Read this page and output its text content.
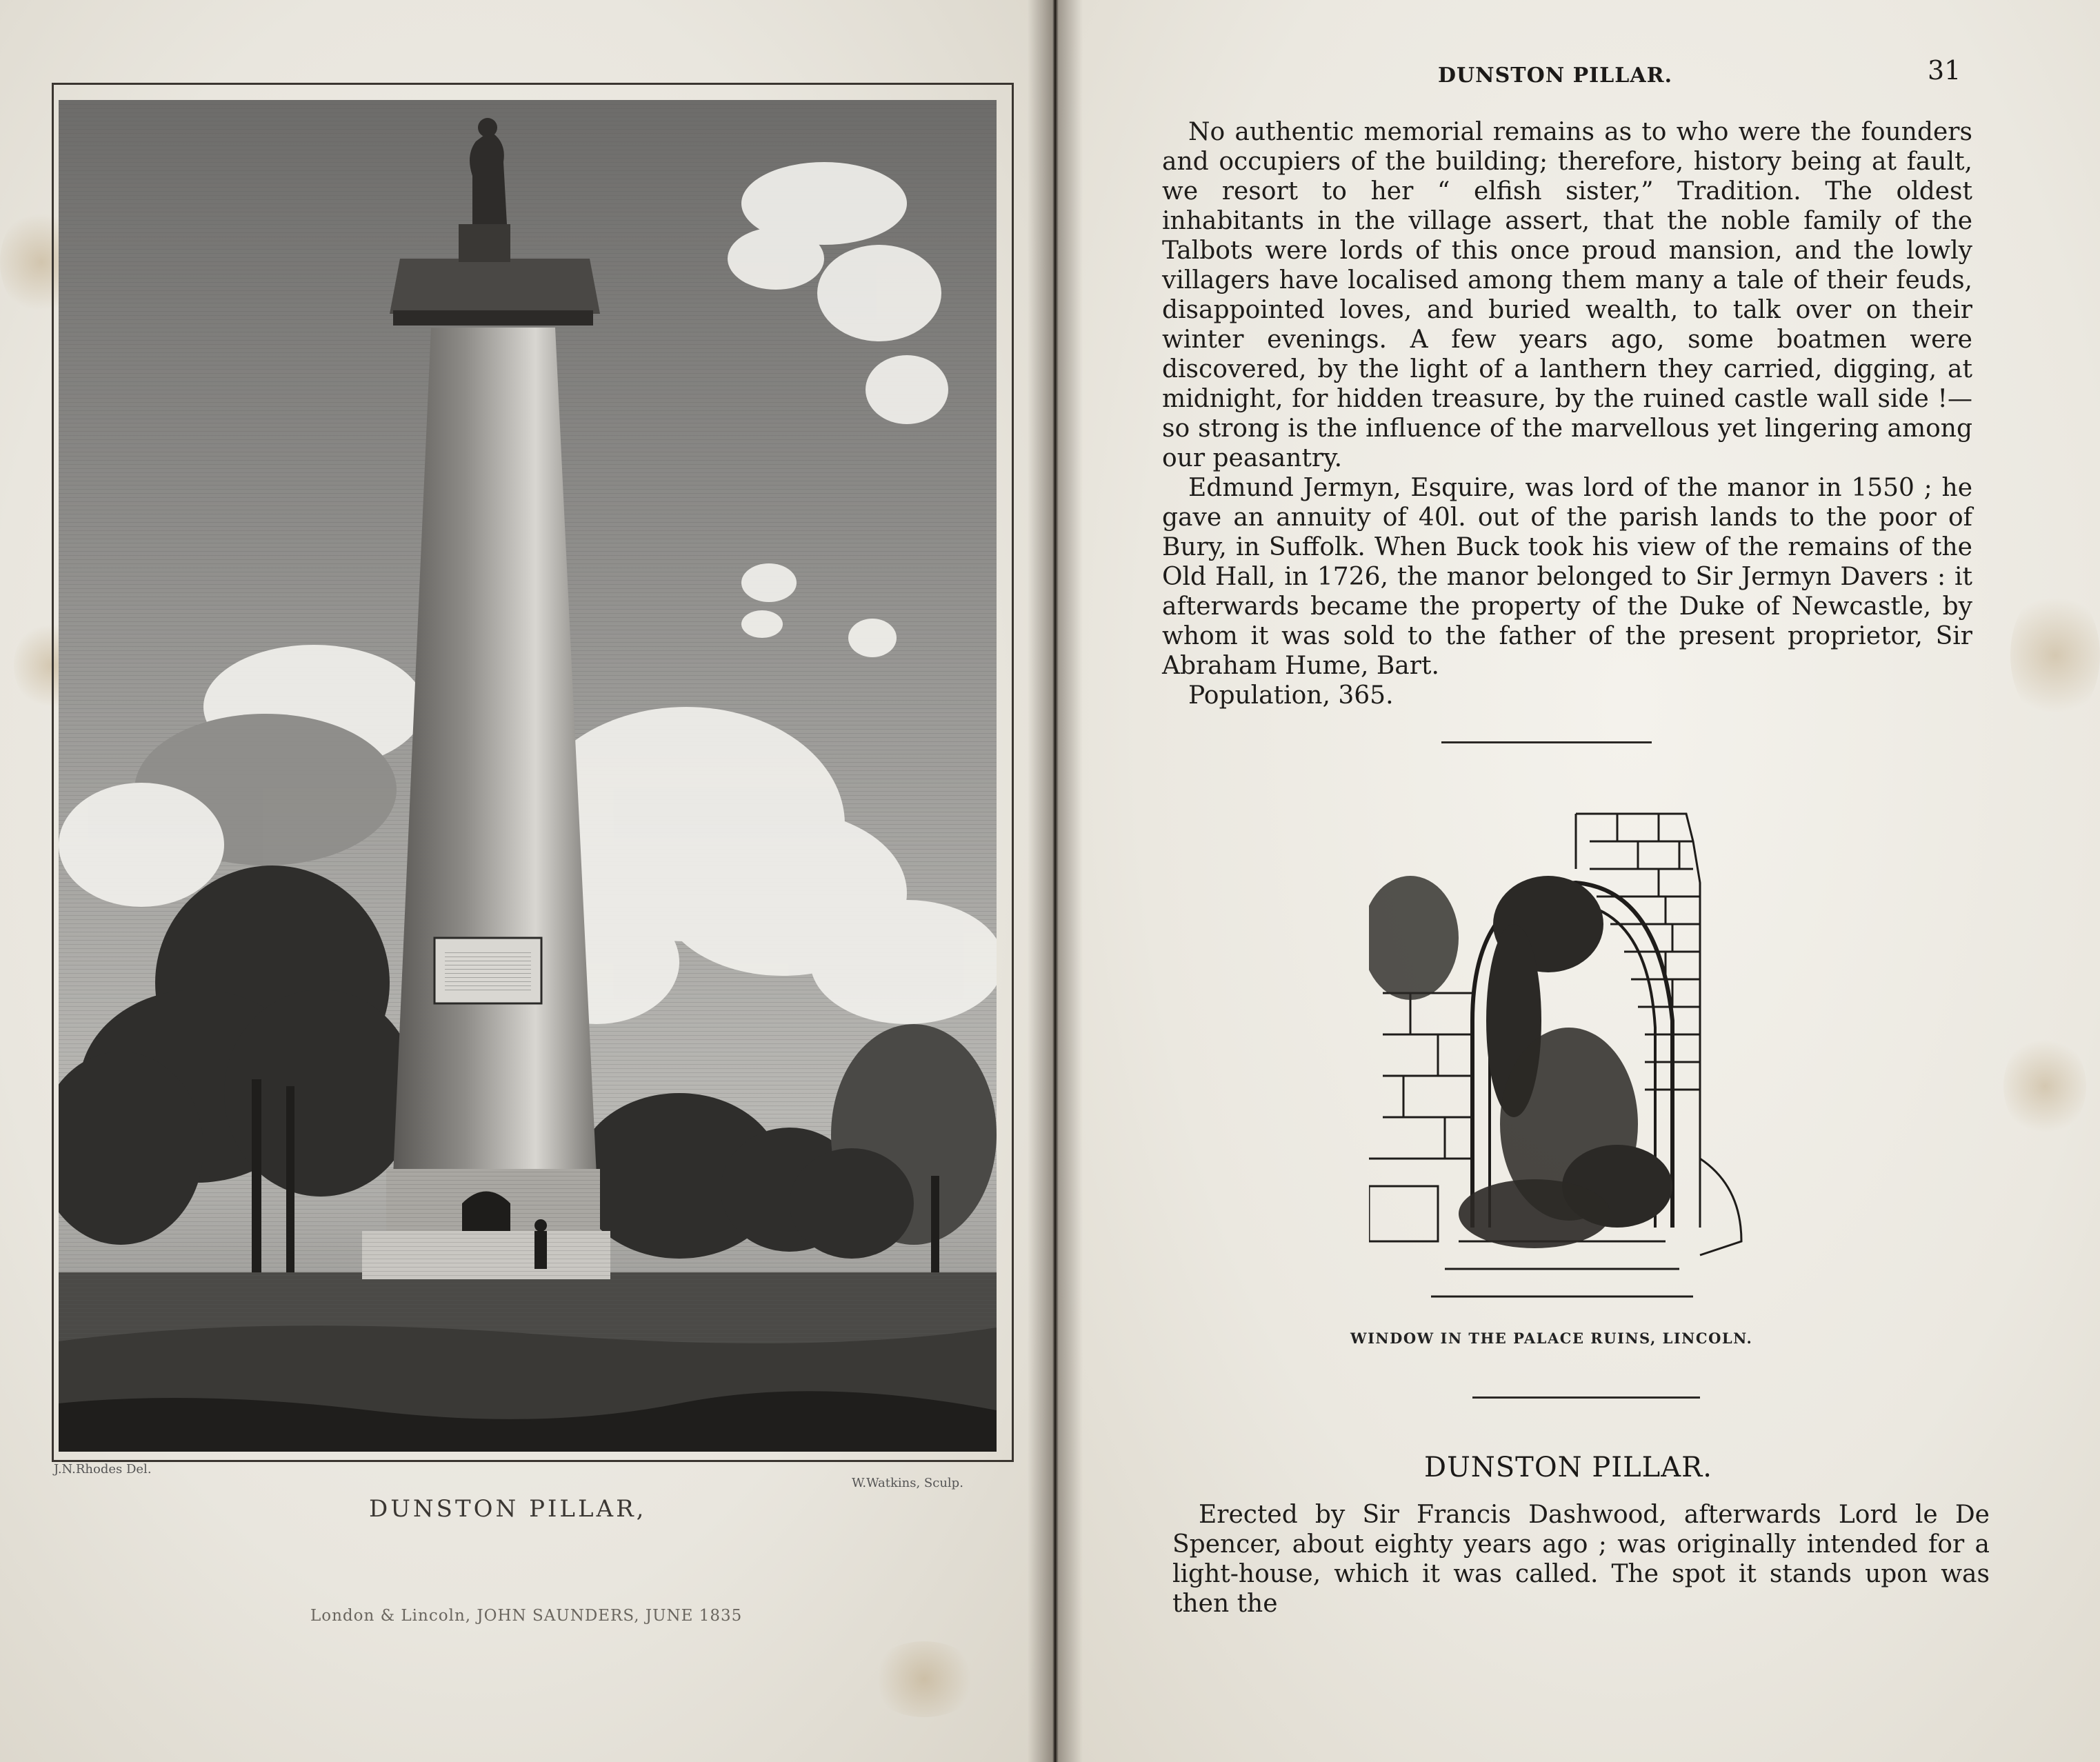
J.N.Rhodes Del.
W.Watkins, Sculp.
DUNSTON PILLAR,
London & Lincoln, JOHN SAUNDERS, JUNE 1835
DUNSTON PILLAR.	31

No authentic memorial remains as to who were the founders and occupiers of the building; therefore, history being at fault, we resort to her “ elfish sister,” Tradition. The oldest inhabitants in the village assert, that the noble family of the Talbots were lords of this once proud mansion, and the lowly villagers have localised among them many a tale of their feuds, disappointed loves, and buried wealth, to talk over on their winter evenings. A few years ago, some boatmen were discovered, by the light of a lanthern they carried, digging, at midnight, for hidden treasure, by the ruined castle wall side !—so strong is the influence of the marvellous yet lingering among our peasantry.

Edmund Jermyn, Esquire, was lord of the manor in 1550 ; he gave an annuity of 40l. out of the parish lands to the poor of Bury, in Suffolk. When Buck took his view of the remains of the Old Hall, in 1726, the manor belonged to Sir Jermyn Davers : it afterwards became the property of the Duke of Newcastle, by whom it was sold to the father of the present proprietor, Sir Abraham Hume, Bart.

Population, 365.

WINDOW IN THE PALACE RUINS, LINCOLN.
DUNSTON PILLAR.

Erected by Sir Francis Dashwood, afterwards Lord le De Spencer, about eighty years ago ; was originally intended for a light-house, which it was called. The spot it stands upon was then the
